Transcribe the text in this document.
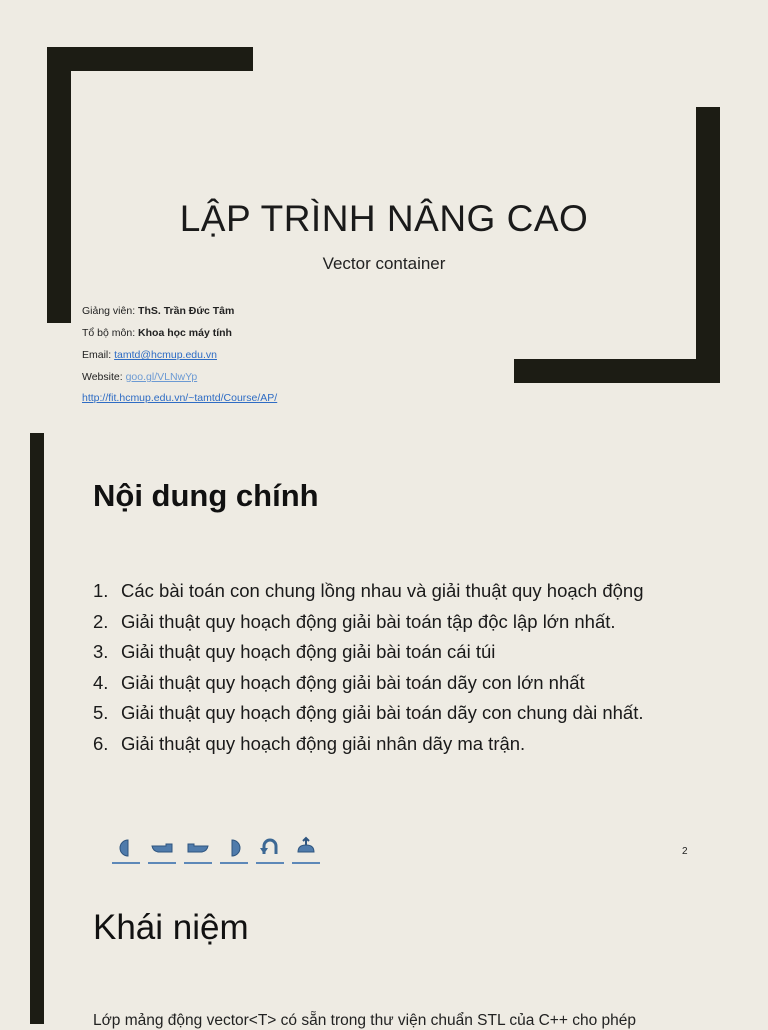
LẬP TRÌNH NÂNG CAO
Vector container
Giảng viên: ThS. Trần Đức Tâm
Tổ bộ môn: Khoa học máy tính
Email: tamtd@hcmup.edu.vn
Website: goo.gl/VLNwYp
http://fit.hcmup.edu.vn/~tamtd/Course/AP/
Nội dung chính
1. Các bài toán con chung lồng nhau và giải thuật quy hoạch động
2. Giải thuật quy hoạch động giải bài toán tập độc lập lớn nhất.
3. Giải thuật quy hoạch động giải bài toán cái túi
4. Giải thuật quy hoạch động giải bài toán dãy con lớn nhất
5. Giải thuật quy hoạch động giải bài toán dãy con chung dài nhất.
6. Giải thuật quy hoạch động giải nhân dãy ma trận.
2
Khái niệm
Lớp mảng động vector<T> có sẵn trong thư viện chuẩn STL của C++ cho phép
